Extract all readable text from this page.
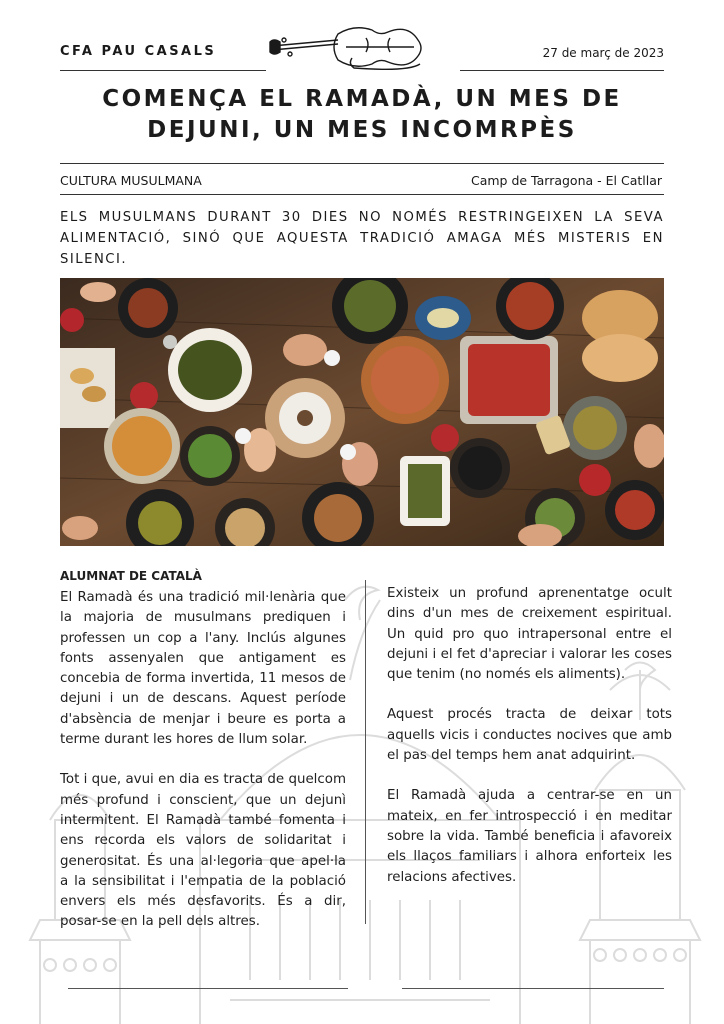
CFA PAU CASALS	27 de març de 2023
COMENÇA EL RAMADÀ, UN MES DE
DEJUNI, UN MES INCOMRPÈS
CULTURA MUSULMANA	Camp de Tarragona - El Catllar
ELS MUSULMANS DURANT 30 DIES NO NOMÉS RESTRINGEIXEN LA SEVA ALIMENTACIÓ, SINÓ QUE AQUESTA TRADICIÓ AMAGA MÉS MISTERIS EN SILENCI.
ALUMNAT DE CATALÀ

El Ramadà és una tradició mil·lenària que la majoria de musulmans prediquen i professen un cop a l'any. Inclús algunes fonts assenyalen que antigament es concebia de forma invertida, 11 mesos de dejuni i un de descans. Aquest període d'absència de menjar i beure es porta a terme durant les hores de llum solar.

Tot i que, avui en dia es tracta de quelcom més profund i conscient, que un dejunì intermitent. El Ramadà també fomenta i ens recorda els valors de solidaritat i generositat. És una al·legoria que apel·la a la sensibilitat i l'empatia de la població envers els més desfavorits. És a dir, posar-se en la pell dels altres.

Existeix un profund aprenentatge ocult dins d'un mes de creixement espiritual. Un quid pro quo intrapersonal entre el dejuni i el fet d'apreciar i valorar les coses que tenim (no només els aliments).

Aquest procés tracta de deixar tots aquells vicis i conductes nocives que amb el pas del temps hem anat adquirint.

El Ramadà ajuda a centrar-se en un mateix, en fer introspecció i en meditar sobre la vida. També beneficia i afavoreix els llaços familiars i alhora enforteix les relacions afectives.
